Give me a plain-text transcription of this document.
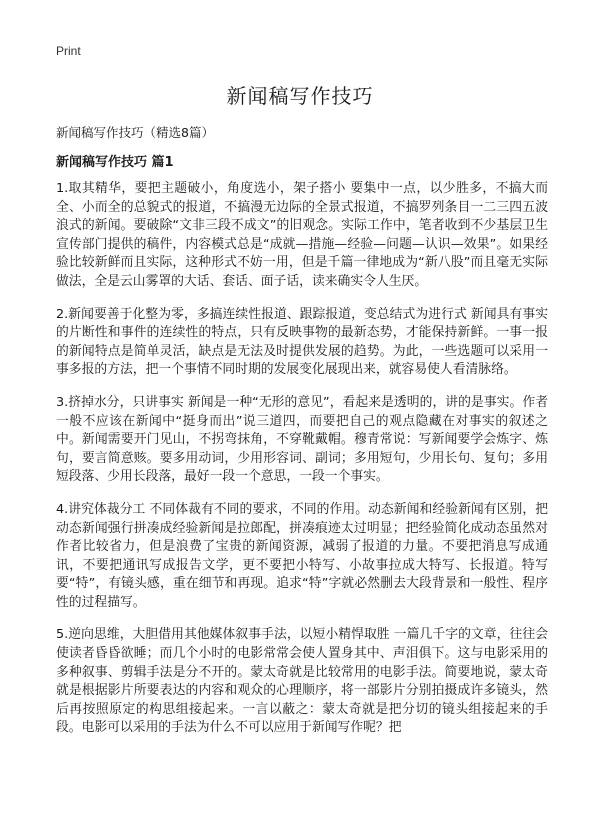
Print
新闻稿写作技巧

新闻稿写作技巧（精选8篇）

新闻稿写作技巧 篇1

1.取其精华，要把主题破小，角度选小，架子搭小 要集中一点，以少胜多，不搞大而全、小而全的总貌式的报道，不搞漫无边际的全景式报道，不搞罗列条目一二三四五波浪式的新闻。要破除“文非三段不成文”的旧观念。实际工作中，笔者收到不少基层卫生宣传部门提供的稿件，内容模式总是“成就—措施—经验—问题—认识—效果”。如果经验比较新鲜而且实际，这种形式不妨一用，但是千篇一律地成为“新八股”而且毫无实际做法，全是云山雾罩的大话、套话、面子话，读来确实令人生厌。

2.新闻要善于化整为零，多搞连续性报道、跟踪报道，变总结式为进行式 新闻具有事实的片断性和事件的连续性的特点，只有反映事物的最新态势，才能保持新鲜。一事一报的新闻特点是简单灵活，缺点是无法及时提供发展的趋势。为此，一些选题可以采用一事多报的方法，把一个事情不同时期的发展变化展现出来，就容易使人看清脉络。

3.挤掉水分，只讲事实 新闻是一种“无形的意见”，看起来是透明的，讲的是事实。作者一般不应该在新闻中“挺身而出”说三道四，而要把自己的观点隐藏在对事实的叙述之中。新闻需要开门见山，不拐弯抹角，不穿靴戴帽。穆青常说：写新闻要学会炼字、炼句，要言简意赅。要多用动词，少用形容词、副词；多用短句，少用长句、复句；多用短段落、少用长段落，最好一段一个意思，一段一个事实。

4.讲究体裁分工 不同体裁有不同的要求，不同的作用。动态新闻和经验新闻有区别，把动态新闻强行拼凑成经验新闻是拉郎配，拼凑痕迹太过明显；把经验简化成动态虽然对作者比较省力，但是浪费了宝贵的新闻资源，减弱了报道的力量。不要把消息写成通讯，不要把通讯写成报告文学，更不要把小特写、小故事拉成大特写、长报道。特写要“特”，有镜头感，重在细节和再现。追求“特”字就必然删去大段背景和一般性、程序性的过程描写。

5.逆向思维，大胆借用其他媒体叙事手法，以短小精悍取胜 一篇几千字的文章，往往会使读者昏昏欲睡；而几个小时的电影常常会使人置身其中、声泪俱下。这与电影采用的多种叙事、剪辑手法是分不开的。蒙太奇就是比较常用的电影手法。简要地说，蒙太奇就是根据影片所要表达的内容和观众的心理顺序，将一部影片分别拍摄成许多镜头，然后再按照原定的构思组接起来。一言以蔽之：蒙太奇就是把分切的镜头组接起来的手段。电影可以采用的手法为什么不可以应用于新闻写作呢？把
